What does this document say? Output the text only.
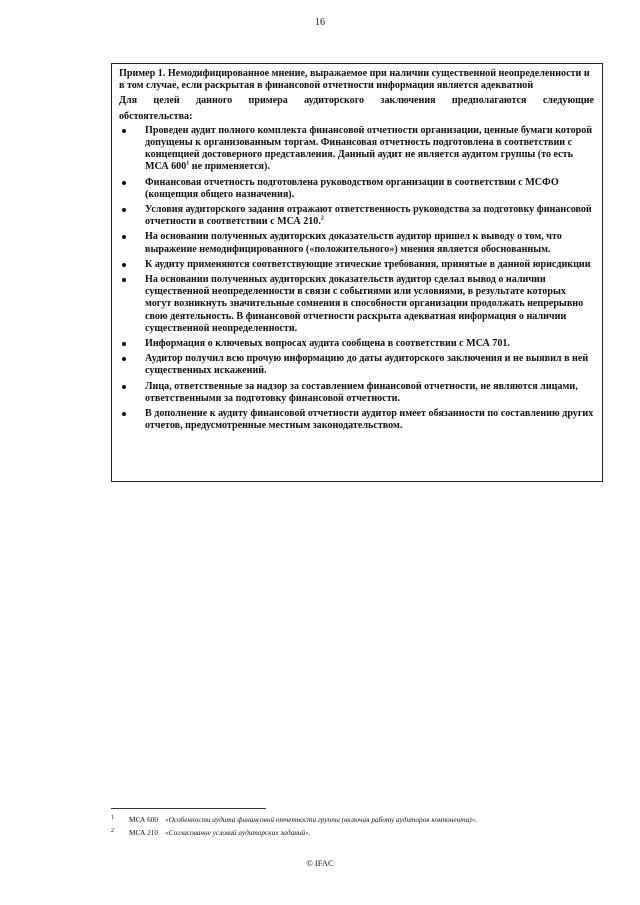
16
Пример 1. Немодифицированное мнение, выражаемое при наличии существенной неопределенности и в том случае, если раскрытая в финансовой отчетности информация является адекватной
Для целей данного примера аудиторского заключения предполагаются следующие
обстоятельства:
Проведен аудит полного комплекта финансовой отчетности организации, ценные бумаги которой допущены к организованным торгам. Финансовая отчетность подготовлена в соответствии с концепцией достоверного представления. Данный аудит не является аудитом группы (то есть МСА $600^1$ не применяется).
Финансовая отчетность подготовлена руководством организации в соответствии с МСФО (концепция общего назначения).
Условия аудиторского задания отражают ответственность руководства за подготовку финансовой отчетности в соответствии с МСА 210.$^2$
На основании полученных аудиторских доказательств аудитор пришел к выводу о том, что выражение немодифицированного («положительного») мнения является обоснованным.
К аудиту применяются соответствующие этические требования, принятые в данной юрисдикции
На основании полученных аудиторских доказательств аудитор сделал вывод о наличии существенной неопределенности в связи с событиями или условиями, в результате которых могут возникнуть значительные сомнения в способности организации продолжать непрерывно свою деятельность. В финансовой отчетности раскрыта адекватная информация о наличии существенной неопределенности.
Информация о ключевых вопросах аудита сообщена в соответствии с МСА 701.
Аудитор получил всю прочую информацию до даты аудиторского заключения и не выявил в ней существенных искажений.
Лица, ответственные за надзор за составлением финансовой отчетности, не являются лицами, ответственными за подготовку финансовой отчетности.
В дополнение к аудиту финансовой отчетности аудитор имеет обязанности по составлению других отчетов, предусмотренные местным законодательством.
1 МСА 600 «Особенности аудита финансовой отчетности группы (включая работу аудиторов компонента)».
2 МСА 210 «Согласование условий аудиторских заданий».
© IFAC
